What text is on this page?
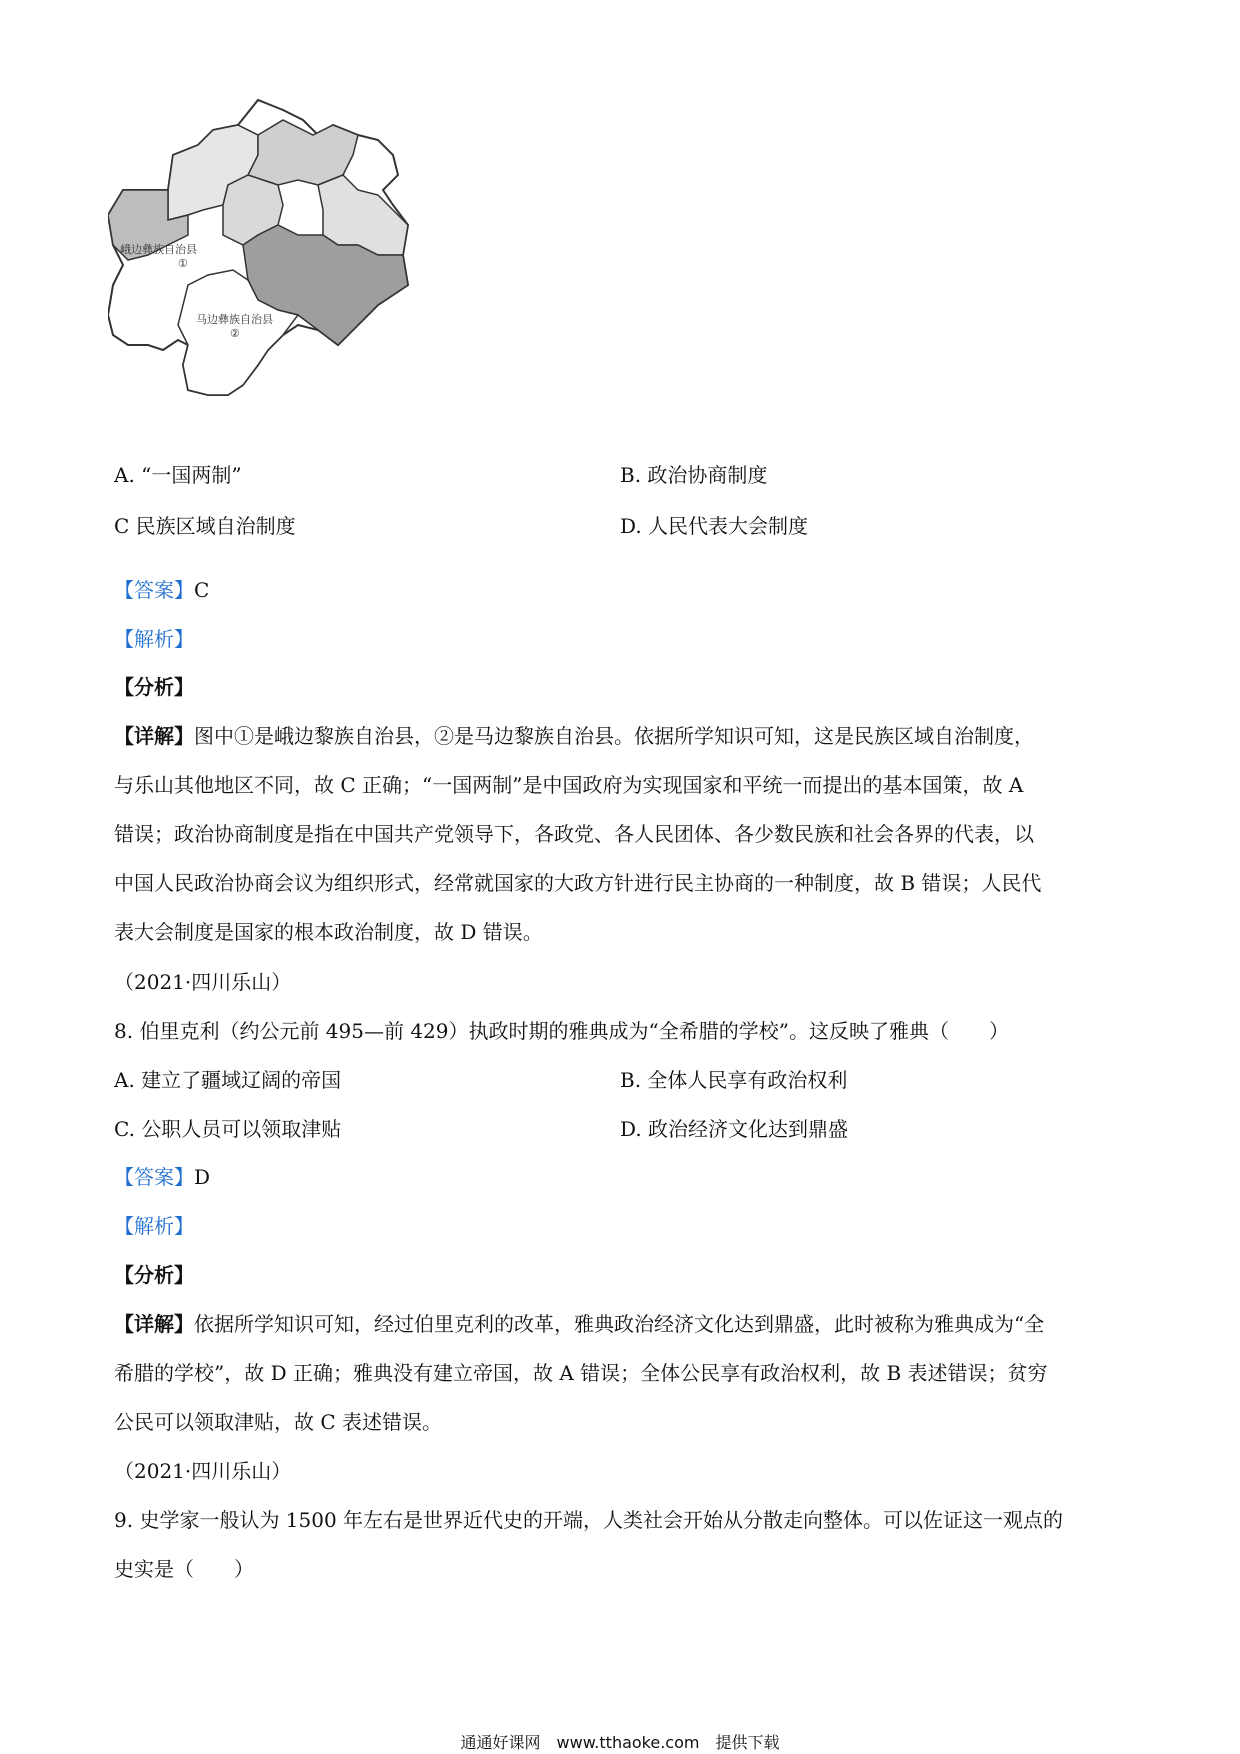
峨边彝族自治县
①
马边彝族自治县
②
A. “一国两制”	B. 政治协商制度
C 民族区域自治制度	D. 人民代表大会制度
【答案】C
【解析】
【分析】
【详解】图中①是峨边黎族自治县，②是马边黎族自治县。依据所学知识可知，这是民族区域自治制度，
与乐山其他地区不同，故 C 正确；“一国两制”是中国政府为实现国家和平统一而提出的基本国策，故 A
错误；政治协商制度是指在中国共产党领导下，各政党、各人民团体、各少数民族和社会各界的代表，以
中国人民政治协商会议为组织形式，经常就国家的大政方针进行民主协商的一种制度，故 B 错误；人民代
表大会制度是国家的根本政治制度，故 D 错误。
（2021·四川乐山）
8. 伯里克利（约公元前 495—前 429）执政时期的雅典成为“全希腊的学校”。这反映了雅典（　　）
A. 建立了疆域辽阔的帝国	B. 全体人民享有政治权利
C. 公职人员可以领取津贴	D. 政治经济文化达到鼎盛
【答案】D
【解析】
【分析】
【详解】依据所学知识可知，经过伯里克利的改革，雅典政治经济文化达到鼎盛，此时被称为雅典成为“全
希腊的学校”，故 D 正确；雅典没有建立帝国，故 A 错误；全体公民享有政治权利，故 B 表述错误；贫穷
公民可以领取津贴，故 C 表述错误。
（2021·四川乐山）
9. 史学家一般认为 1500 年左右是世界近代史的开端，人类社会开始从分散走向整体。可以佐证这一观点的
史实是（　　）
通通好课网　www.tthaoke.com　提供下载
